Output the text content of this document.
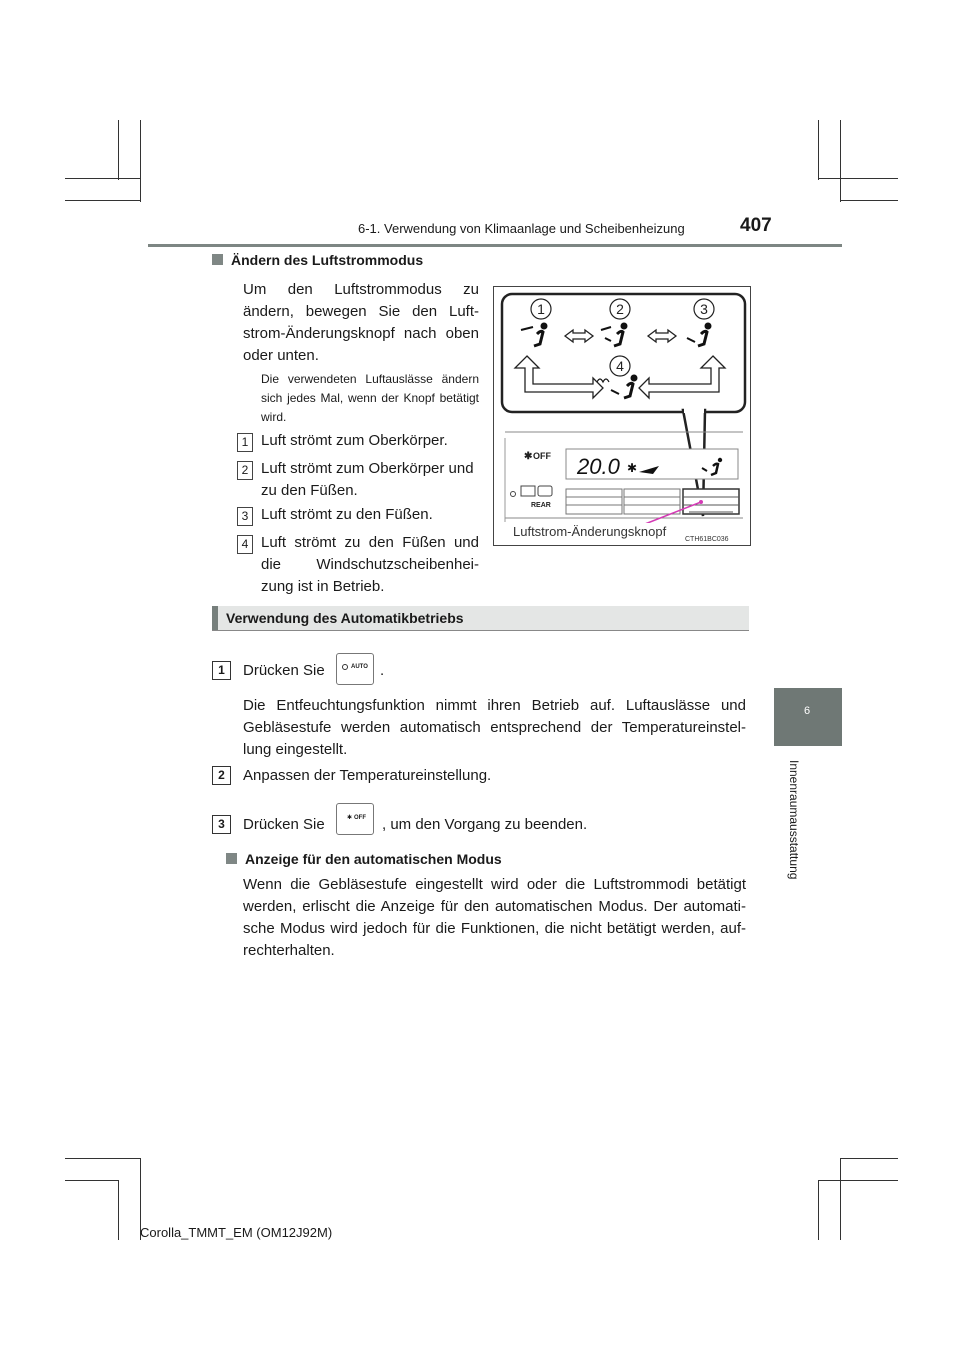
6-1. Verwendung von Klimaanlage und Scheibenheizung	407
6
Innenraumausstattung
Ändern des Luftstrommodus
Um den Luftstrommodus zu ändern, bewegen Sie den Luft-strom-Änderungsknopf nach oben oder unten.
Die verwendeten Luftauslässe ändern sich jedes Mal, wenn der Knopf betätigt wird.
1 Luft strömt zum Oberkörper.
2 Luft strömt zum Oberkörper und zu den Füßen.
3 Luft strömt zu den Füßen.
4 Luft strömt zu den Füßen und die Windschutzscheibenhei-zung ist in Betrieb.
1	2	3
4
✱ OFF
REAR
20.0 ✱
Luftstrom-Änderungsknopf
CTH61BC036
Verwendung des Automatikbetriebs
1	Drücken Sie	AUTO .
Die Entfeuchtungsfunktion nimmt ihren Betrieb auf. Luftauslässe und Gebläsestufe werden automatisch entsprechend der Temperatureinstel-lung eingestellt.
2	Anpassen der Temperatureinstellung.
3	Drücken Sie	✱ OFF , um den Vorgang zu beenden.
Anzeige für den automatischen Modus
Wenn die Gebläsestufe eingestellt wird oder die Luftstrommodi betätigt werden, erlischt die Anzeige für den automatischen Modus. Der automati-sche Modus wird jedoch für die Funktionen, die nicht betätigt werden, auf-rechterhalten.
Corolla_TMMT_EM (OM12J92M)
